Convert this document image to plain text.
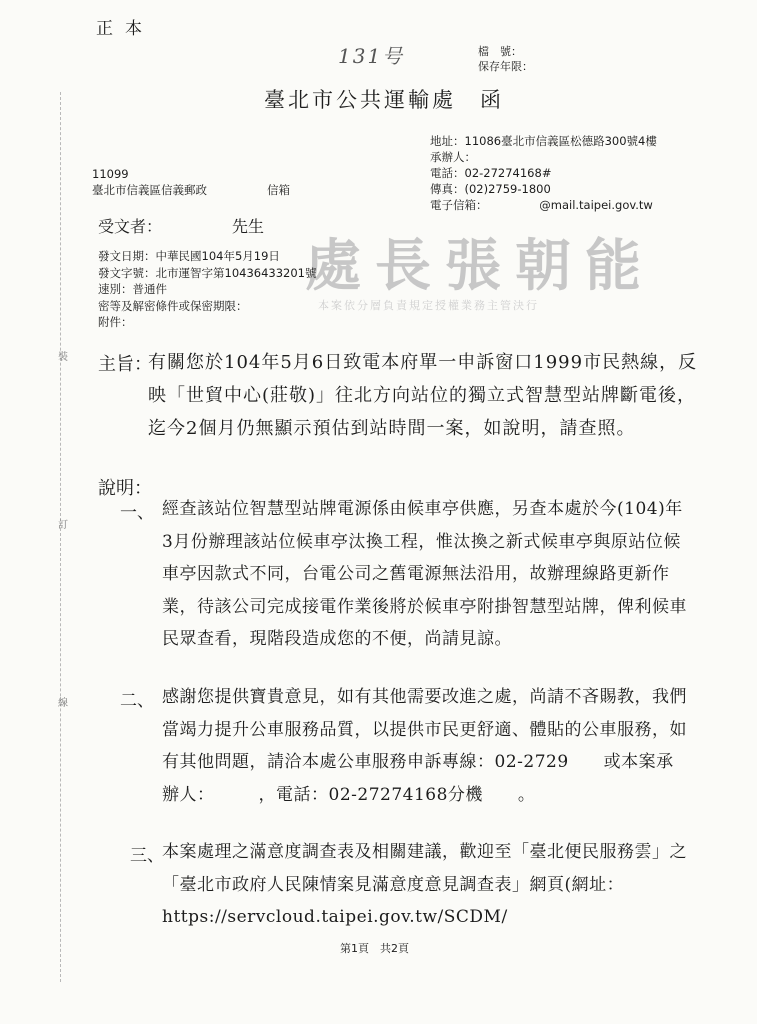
正本
131号	檔　號：
保存年限：
臺北市公共運輸處　函
裝
訂
線
地址：11086臺北市信義區松德路300號4樓
承辦人：
電話：02-27274168#
傳真：(02)2759-1800
電子信箱：　　　　　@mail.taipei.gov.tw
11099
臺北市信義區信義郵政	信箱
受文者：	先生
處長張朝能
本案依分層負責規定授權業務主管決行
發文日期：中華民國104年5月19日
發文字號：北市運智字第10436433201號
速別：普通件
密等及解密條件或保密期限：
附件：
主旨：
有關您於104年5月6日致電本府單一申訴窗口1999市民熱線，反映「世貿中心(莊敬)」往北方向站位的獨立式智慧型站牌斷電後，迄今2個月仍無顯示預估到站時間一案，如說明，請查照。
說明：
一、 經查該站位智慧型站牌電源係由候車亭供應，另查本處於今(104)年3月份辦理該站位候車亭汰換工程，惟汰換之新式候車亭與原站位候車亭因款式不同，台電公司之舊電源無法沿用，故辦理線路更新作業，待該公司完成接電作業後將於候車亭附掛智慧型站牌，俾利候車民眾查看，現階段造成您的不便，尚請見諒。
二、 感謝您提供寶貴意見，如有其他需要改進之處，尚請不吝賜教，我們當竭力提升公車服務品質，以提供市民更舒適、體貼的公車服務，如有其他問題，請洽本處公車服務申訴專線：02-2729　　或本案承辦人：　　　，電話：02-27274168分機　　。
三、
本案處理之滿意度調查表及相關建議，歡迎至「臺北便民服務雲」之「臺北市政府人民陳情案見滿意度意見調查表」網頁(網址：https://servcloud.taipei.gov.tw/SCDM/
第1頁　共2頁
